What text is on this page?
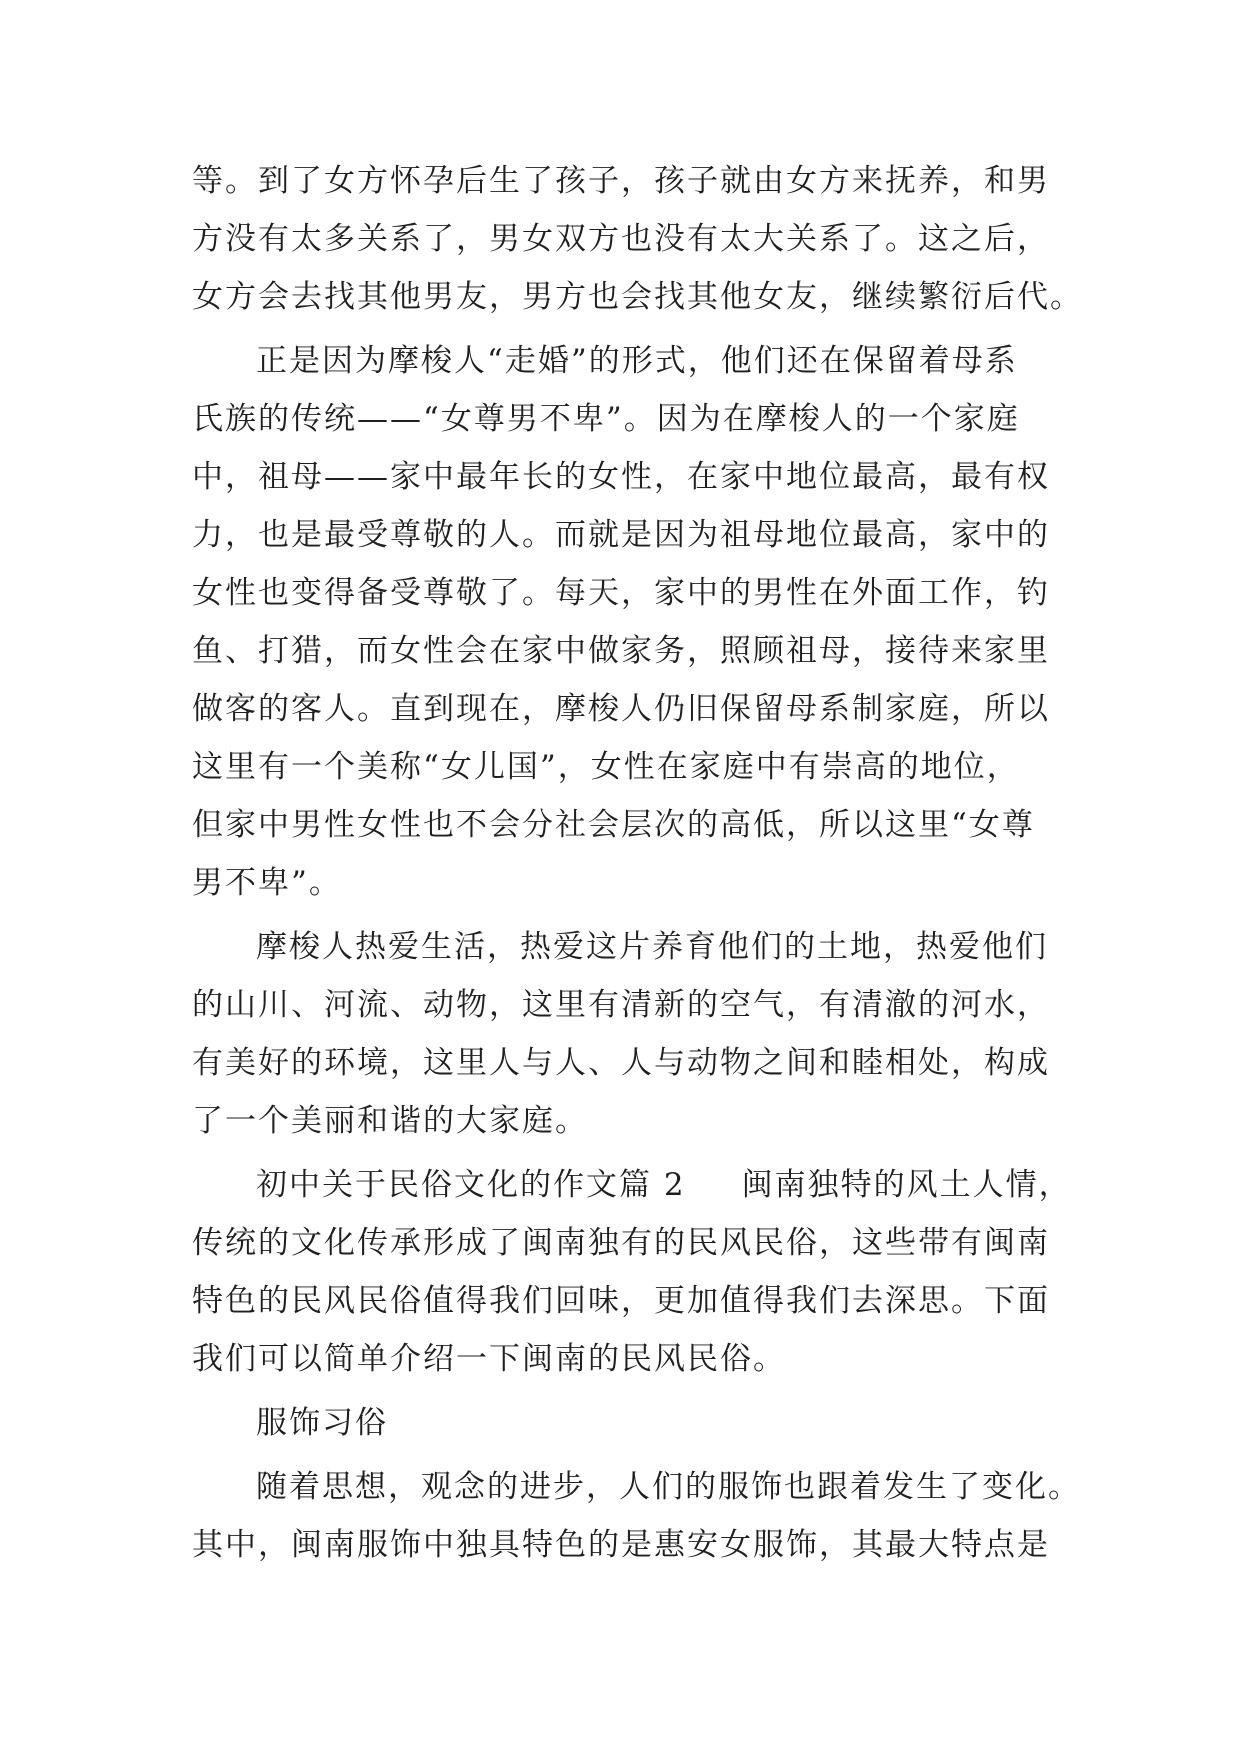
等。到了女方怀孕后生了孩子，孩子就由女方来抚养，和男
方没有太多关系了，男女双方也没有太大关系了。这之后，
女方会去找其他男友，男方也会找其他女友，继续繁衍后代。
正是因为摩梭人“走婚”的形式，他们还在保留着母系
氏族的传统——“女尊男不卑”。因为在摩梭人的一个家庭
中，祖母——家中最年长的女性，在家中地位最高，最有权
力，也是最受尊敬的人。而就是因为祖母地位最高，家中的
女性也变得备受尊敬了。每天，家中的男性在外面工作，钓
鱼、打猎，而女性会在家中做家务，照顾祖母，接待来家里
做客的客人。直到现在，摩梭人仍旧保留母系制家庭，所以
这里有一个美称“女儿国”，女性在家庭中有崇高的地位，
但家中男性女性也不会分社会层次的高低，所以这里“女尊
男不卑”。
摩梭人热爱生活，热爱这片养育他们的土地，热爱他们
的山川、河流、动物，这里有清新的空气，有清澈的河水，
有美好的环境，这里人与人、人与动物之间和睦相处，构成
了一个美丽和谐的大家庭。
初中关于民俗文化的作文篇 2 闽南独特的风土人情，
传统的文化传承形成了闽南独有的民风民俗，这些带有闽南
特色的民风民俗值得我们回味，更加值得我们去深思。下面
我们可以简单介绍一下闽南的民风民俗。
服饰习俗
随着思想，观念的进步，人们的服饰也跟着发生了变化。
其中，闽南服饰中独具特色的是惠安女服饰，其最大特点是
